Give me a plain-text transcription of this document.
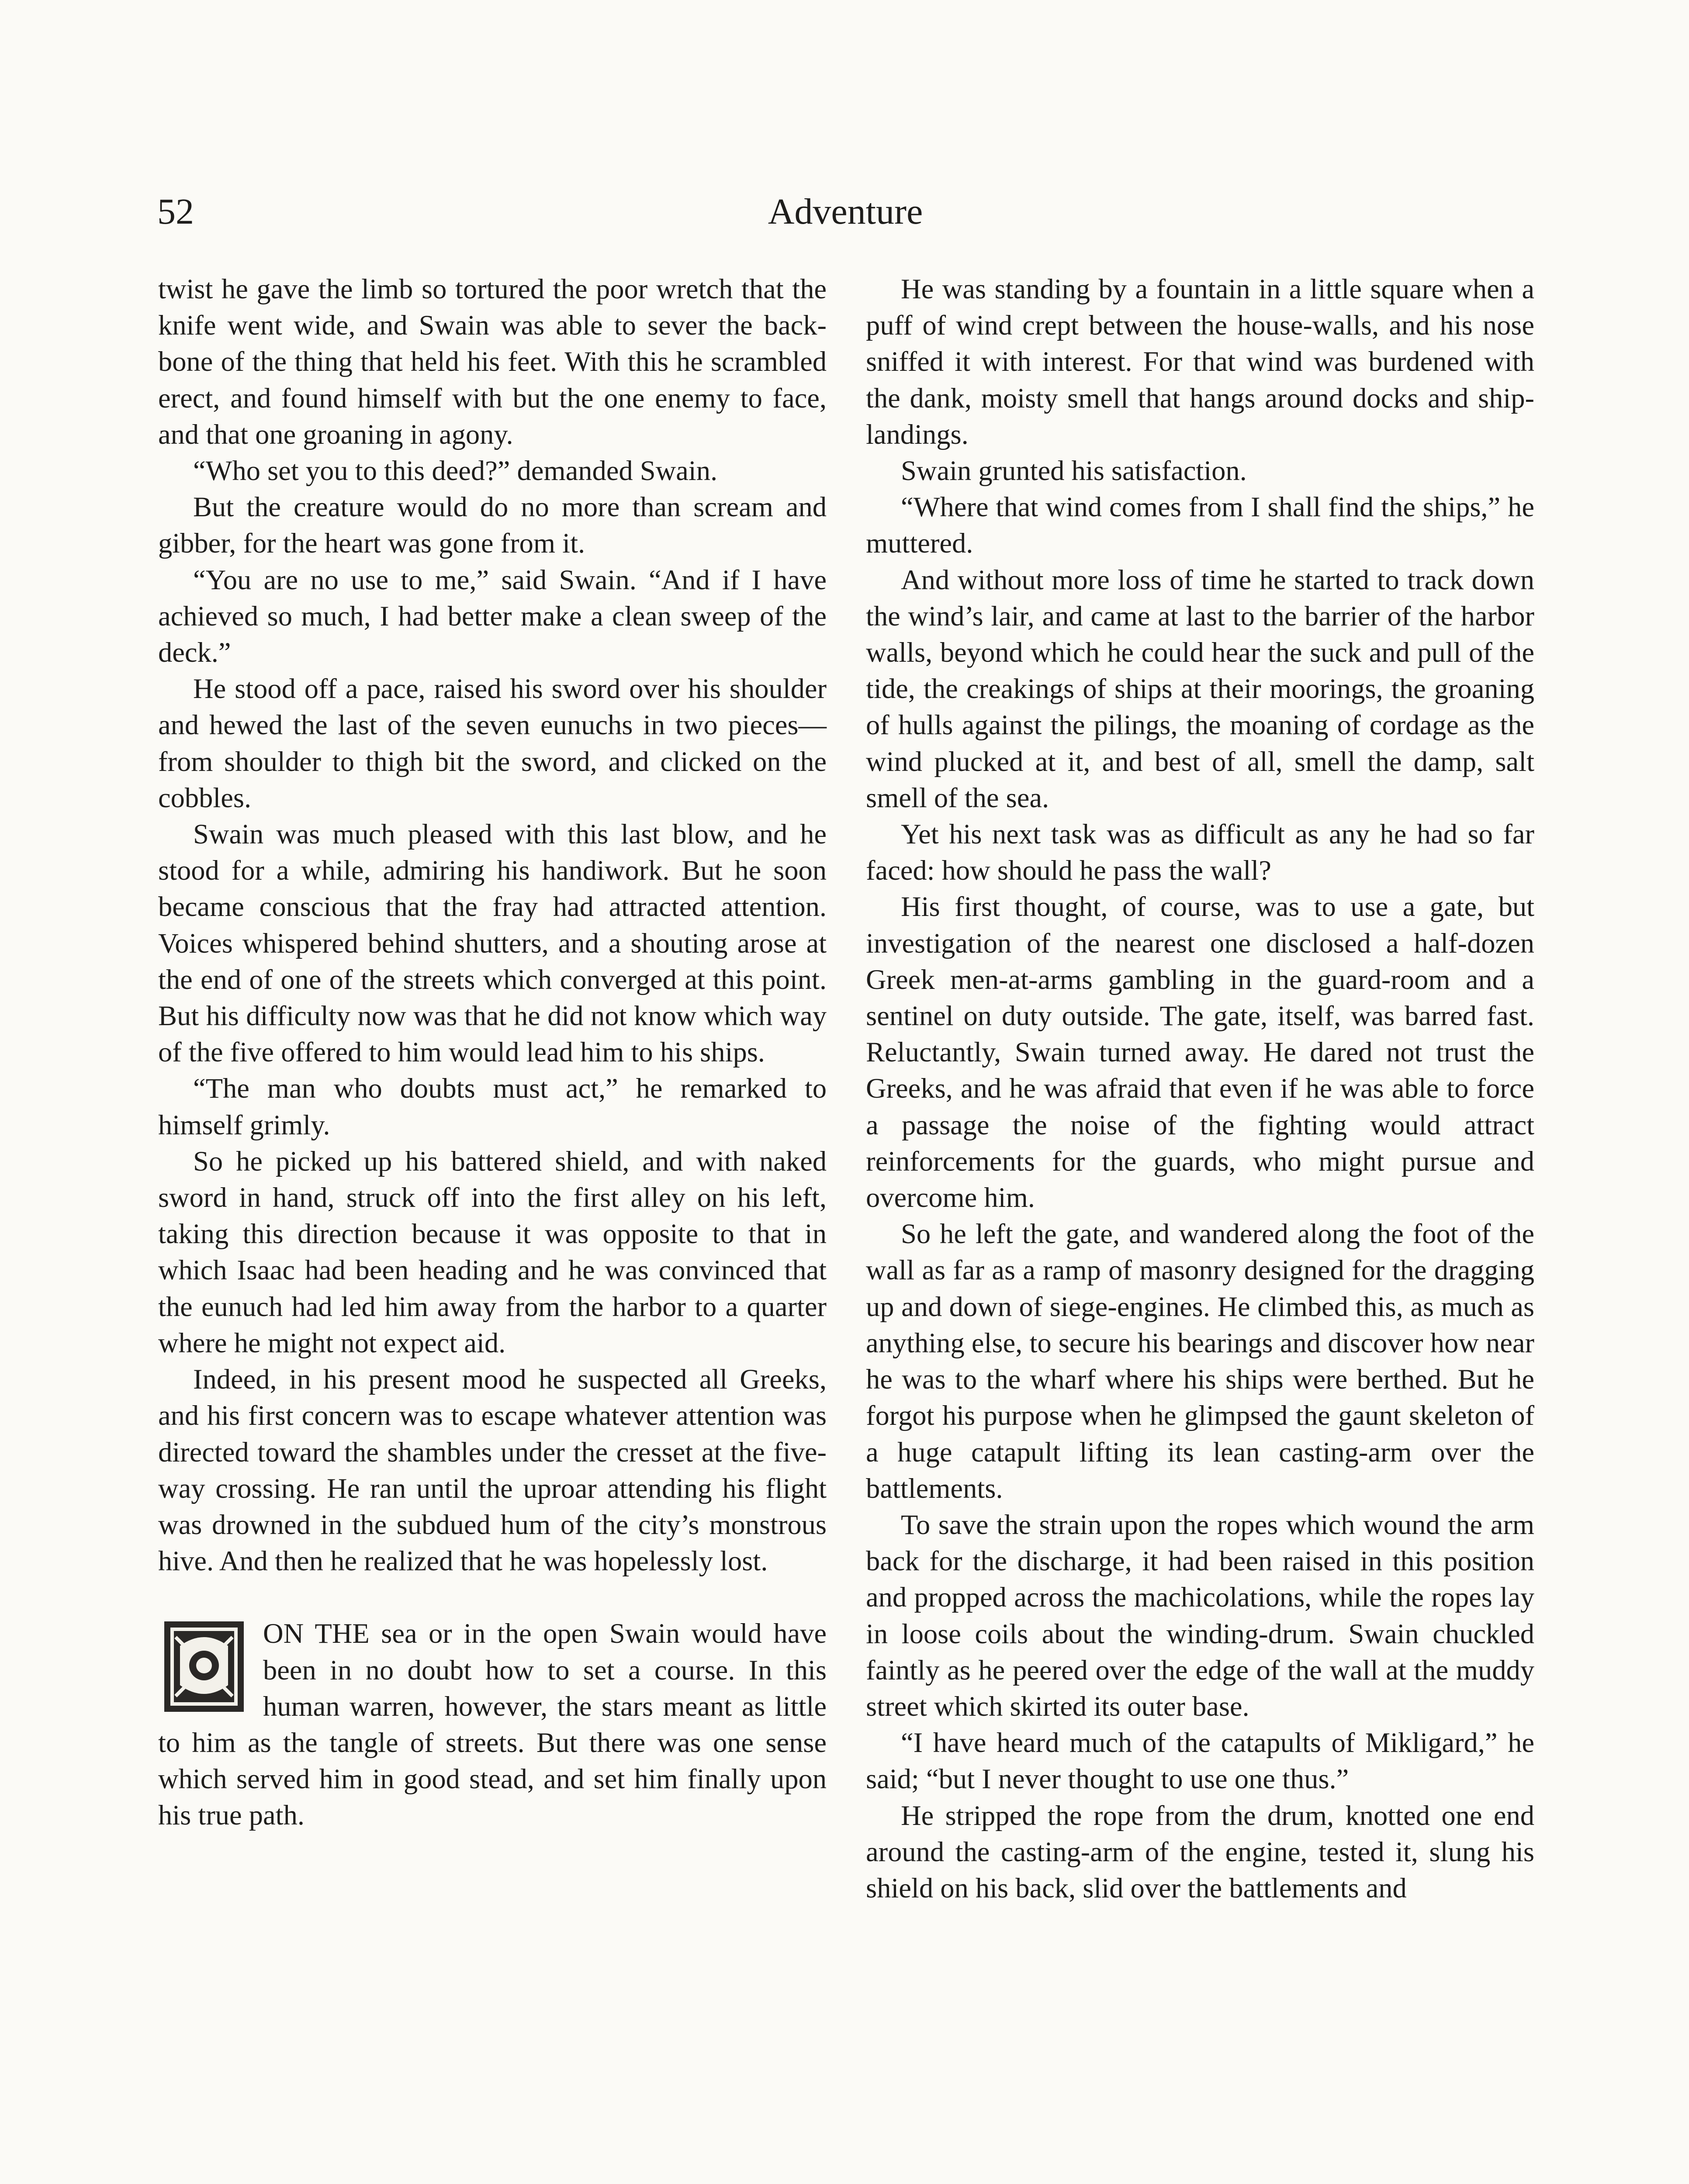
52	Adventure

twist he gave the limb so tortured the poor wretch that the knife went wide, and Swain was able to sever the back-bone of the thing that held his feet. With this he scrambled erect, and found himself with but the one enemy to face, and that one groaning in agony.

“Who set you to this deed?” demanded Swain.

But the creature would do no more than scream and gibber, for the heart was gone from it.

“You are no use to me,” said Swain. “And if I have achieved so much, I had better make a clean sweep of the deck.”

He stood off a pace, raised his sword over his shoulder and hewed the last of the seven eunuchs in two pieces—from shoulder to thigh bit the sword, and clicked on the cobbles.

Swain was much pleased with this last blow, and he stood for a while, admiring his handiwork. But he soon became conscious that the fray had attracted attention. Voices whispered behind shutters, and a shouting arose at the end of one of the streets which converged at this point. But his difficulty now was that he did not know which way of the five offered to him would lead him to his ships.

“The man who doubts must act,” he remarked to himself grimly.

So he picked up his battered shield, and with naked sword in hand, struck off into the first alley on his left, taking this direction because it was opposite to that in which Isaac had been heading and he was convinced that the eunuch had led him away from the harbor to a quarter where he might not expect aid.

Indeed, in his present mood he suspected all Greeks, and his first concern was to escape whatever attention was directed toward the shambles under the cresset at the five-way crossing. He ran until the uproar attending his flight was drowned in the subdued hum of the city’s monstrous hive. And then he realized that he was hopelessly lost.

ON THE sea or in the open Swain would have been in no doubt how to set a course. In this human warren, however, the stars meant as little to him as the tangle of streets. But there was one sense which served him in good stead, and set him finally upon his true path.

He was standing by a fountain in a little square when a puff of wind crept between the house-walls, and his nose sniffed it with interest. For that wind was burdened with the dank, moisty smell that hangs around docks and ship-landings.

Swain grunted his satisfaction.

“Where that wind comes from I shall find the ships,” he muttered.

And without more loss of time he started to track down the wind’s lair, and came at last to the barrier of the harbor walls, beyond which he could hear the suck and pull of the tide, the creakings of ships at their moorings, the groaning of hulls against the pilings, the moaning of cordage as the wind plucked at it, and best of all, smell the damp, salt smell of the sea.

Yet his next task was as difficult as any he had so far faced: how should he pass the wall?

His first thought, of course, was to use a gate, but investigation of the nearest one disclosed a half-dozen Greek men-at-arms gambling in the guard-room and a sentinel on duty outside. The gate, itself, was barred fast. Reluctantly, Swain turned away. He dared not trust the Greeks, and he was afraid that even if he was able to force a passage the noise of the fighting would attract reinforcements for the guards, who might pursue and overcome him.

So he left the gate, and wandered along the foot of the wall as far as a ramp of masonry designed for the dragging up and down of siege-engines. He climbed this, as much as anything else, to secure his bearings and discover how near he was to the wharf where his ships were berthed. But he forgot his purpose when he glimpsed the gaunt skeleton of a huge catapult lifting its lean casting-arm over the battlements.

To save the strain upon the ropes which wound the arm back for the discharge, it had been raised in this position and propped across the machicolations, while the ropes lay in loose coils about the winding-drum. Swain chuckled faintly as he peered over the edge of the wall at the muddy street which skirted its outer base.

“I have heard much of the catapults of Mikligard,” he said; “but I never thought to use one thus.”

He stripped the rope from the drum, knotted one end around the casting-arm of the engine, tested it, slung his shield on his back, slid over the battlements and
